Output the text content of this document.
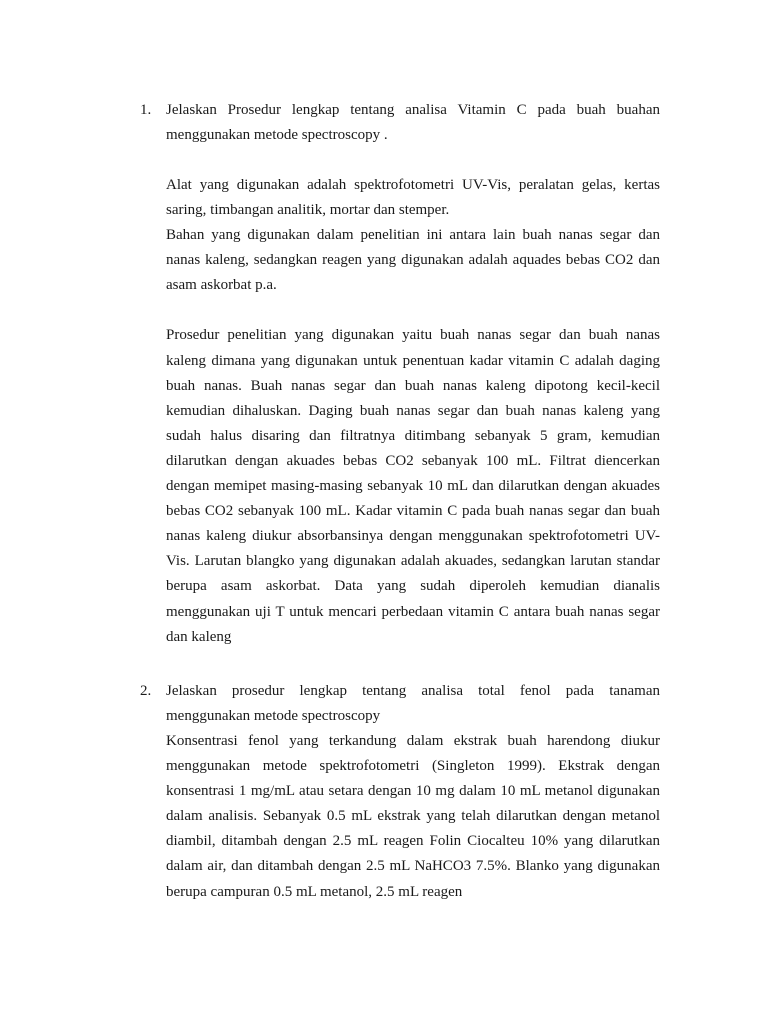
1. Jelaskan Prosedur lengkap tentang analisa Vitamin C pada buah buahan

menggunakan metode spectroscopy .

Alat yang digunakan adalah spektrofotometri UV-Vis, peralatan gelas, kertas saring, timbangan analitik, mortar dan stemper.

Bahan yang digunakan dalam penelitian ini antara lain buah nanas segar dan nanas kaleng, sedangkan reagen yang digunakan adalah aquades bebas CO2 dan asam askorbat p.a.

Prosedur penelitian yang digunakan yaitu buah nanas segar dan buah nanas kaleng dimana yang digunakan untuk penentuan kadar vitamin C adalah daging buah nanas. Buah nanas segar dan buah nanas kaleng dipotong kecil-kecil kemudian dihaluskan. Daging buah nanas segar dan buah nanas kaleng yang sudah halus disaring dan filtratnya ditimbang sebanyak 5 gram, kemudian dilarutkan dengan akuades bebas CO2 sebanyak 100 mL. Filtrat diencerkan dengan memipet masing-masing sebanyak 10 mL dan dilarutkan dengan akuades bebas CO2 sebanyak 100 mL. Kadar vitamin C pada buah nanas segar dan buah nanas kaleng diukur absorbansinya dengan menggunakan spektrofotometri UV-Vis. Larutan blangko yang digunakan adalah akuades, sedangkan larutan standar berupa asam askorbat. Data yang sudah diperoleh kemudian dianalis menggunakan uji T untuk mencari perbedaan vitamin C antara buah nanas segar dan kaleng

2. Jelaskan prosedur lengkap tentang analisa total fenol pada tanaman

menggunakan metode spectroscopy

Konsentrasi fenol yang terkandung dalam ekstrak buah harendong diukur menggunakan metode spektrofotometri (Singleton 1999). Ekstrak dengan konsentrasi 1 mg/mL atau setara dengan 10 mg dalam 10 mL metanol digunakan dalam analisis. Sebanyak 0.5 mL ekstrak yang telah dilarutkan dengan metanol diambil, ditambah dengan 2.5 mL reagen Folin Ciocalteu 10% yang dilarutkan dalam air, dan ditambah dengan 2.5 mL NaHCO3 7.5%. Blanko yang digunakan berupa campuran 0.5 mL metanol, 2.5 mL reagen
